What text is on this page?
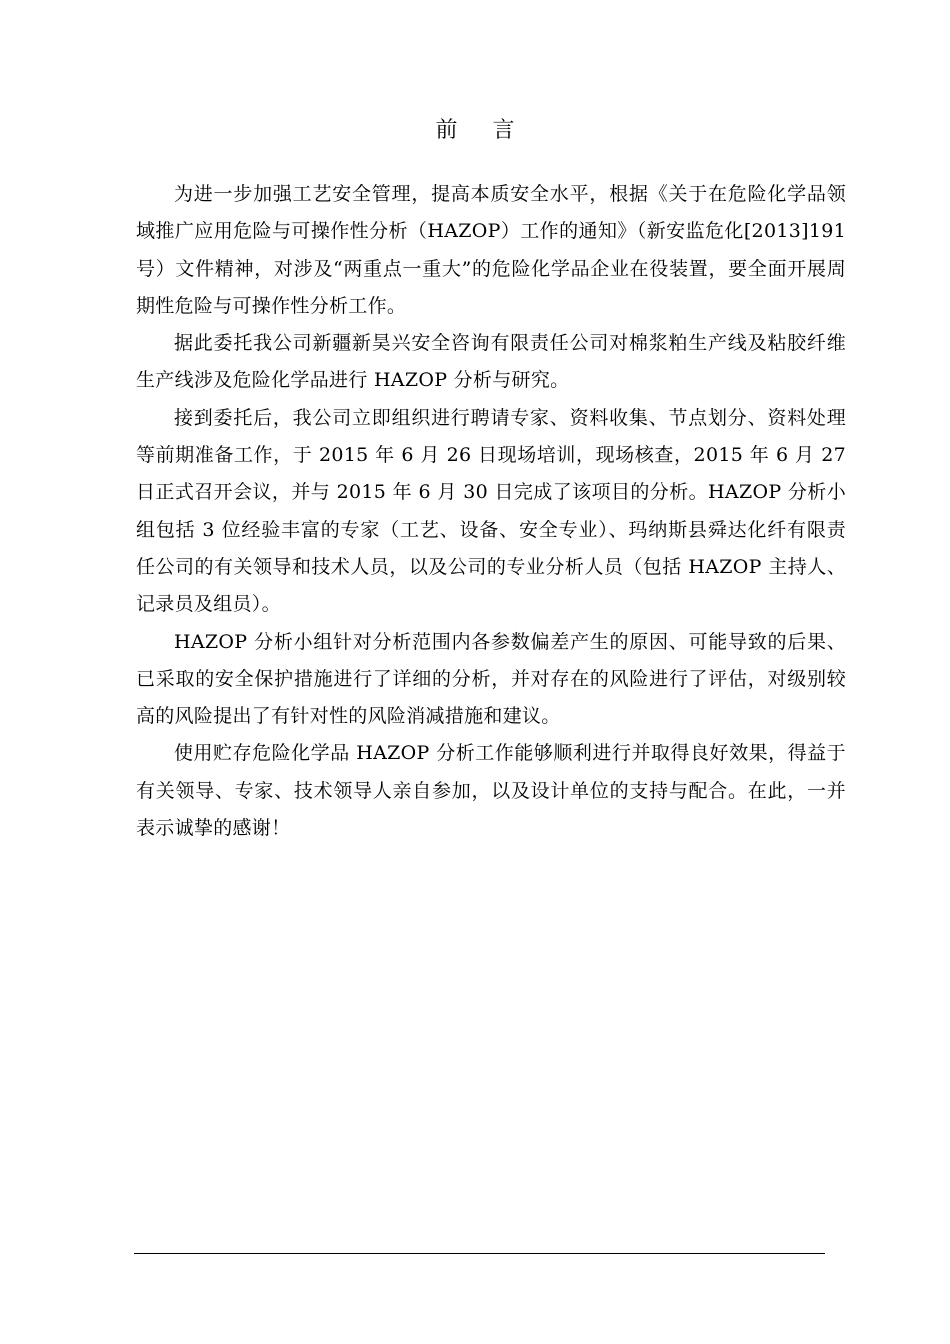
前 言

为进一步加强工艺安全管理，提高本质安全水平，根据《关于在危险化学品领域推广应用危险与可操作性分析（HAZOP）工作的通知》（新安监危化[2013]191 号）文件精神，对涉及“两重点一重大”的危险化学品企业在役装置，要全面开展周期性危险与可操作性分析工作。

据此委托我公司新疆新昊兴安全咨询有限责任公司对棉浆粕生产线及粘胶纤维生产线涉及危险化学品进行 HAZOP 分析与研究。

接到委托后，我公司立即组织进行聘请专家、资料收集、节点划分、资料处理等前期准备工作，于 2015 年 6 月 26 日现场培训，现场核查，2015 年 6 月 27 日正式召开会议，并与 2015 年 6 月 30 日完成了该项目的分析。HAZOP 分析小组包括 3 位经验丰富的专家（工艺、设备、安全专业）、玛纳斯县舜达化纤有限责任公司的有关领导和技术人员，以及公司的专业分析人员（包括 HAZOP 主持人、记录员及组员）。

HAZOP 分析小组针对分析范围内各参数偏差产生的原因、可能导致的后果、已采取的安全保护措施进行了详细的分析，并对存在的风险进行了评估，对级别较高的风险提出了有针对性的风险消减措施和建议。

使用贮存危险化学品 HAZOP 分析工作能够顺利进行并取得良好效果，得益于有关领导、专家、技术领导人亲自参加，以及设计单位的支持与配合。在此，一并表示诚挚的感谢！
